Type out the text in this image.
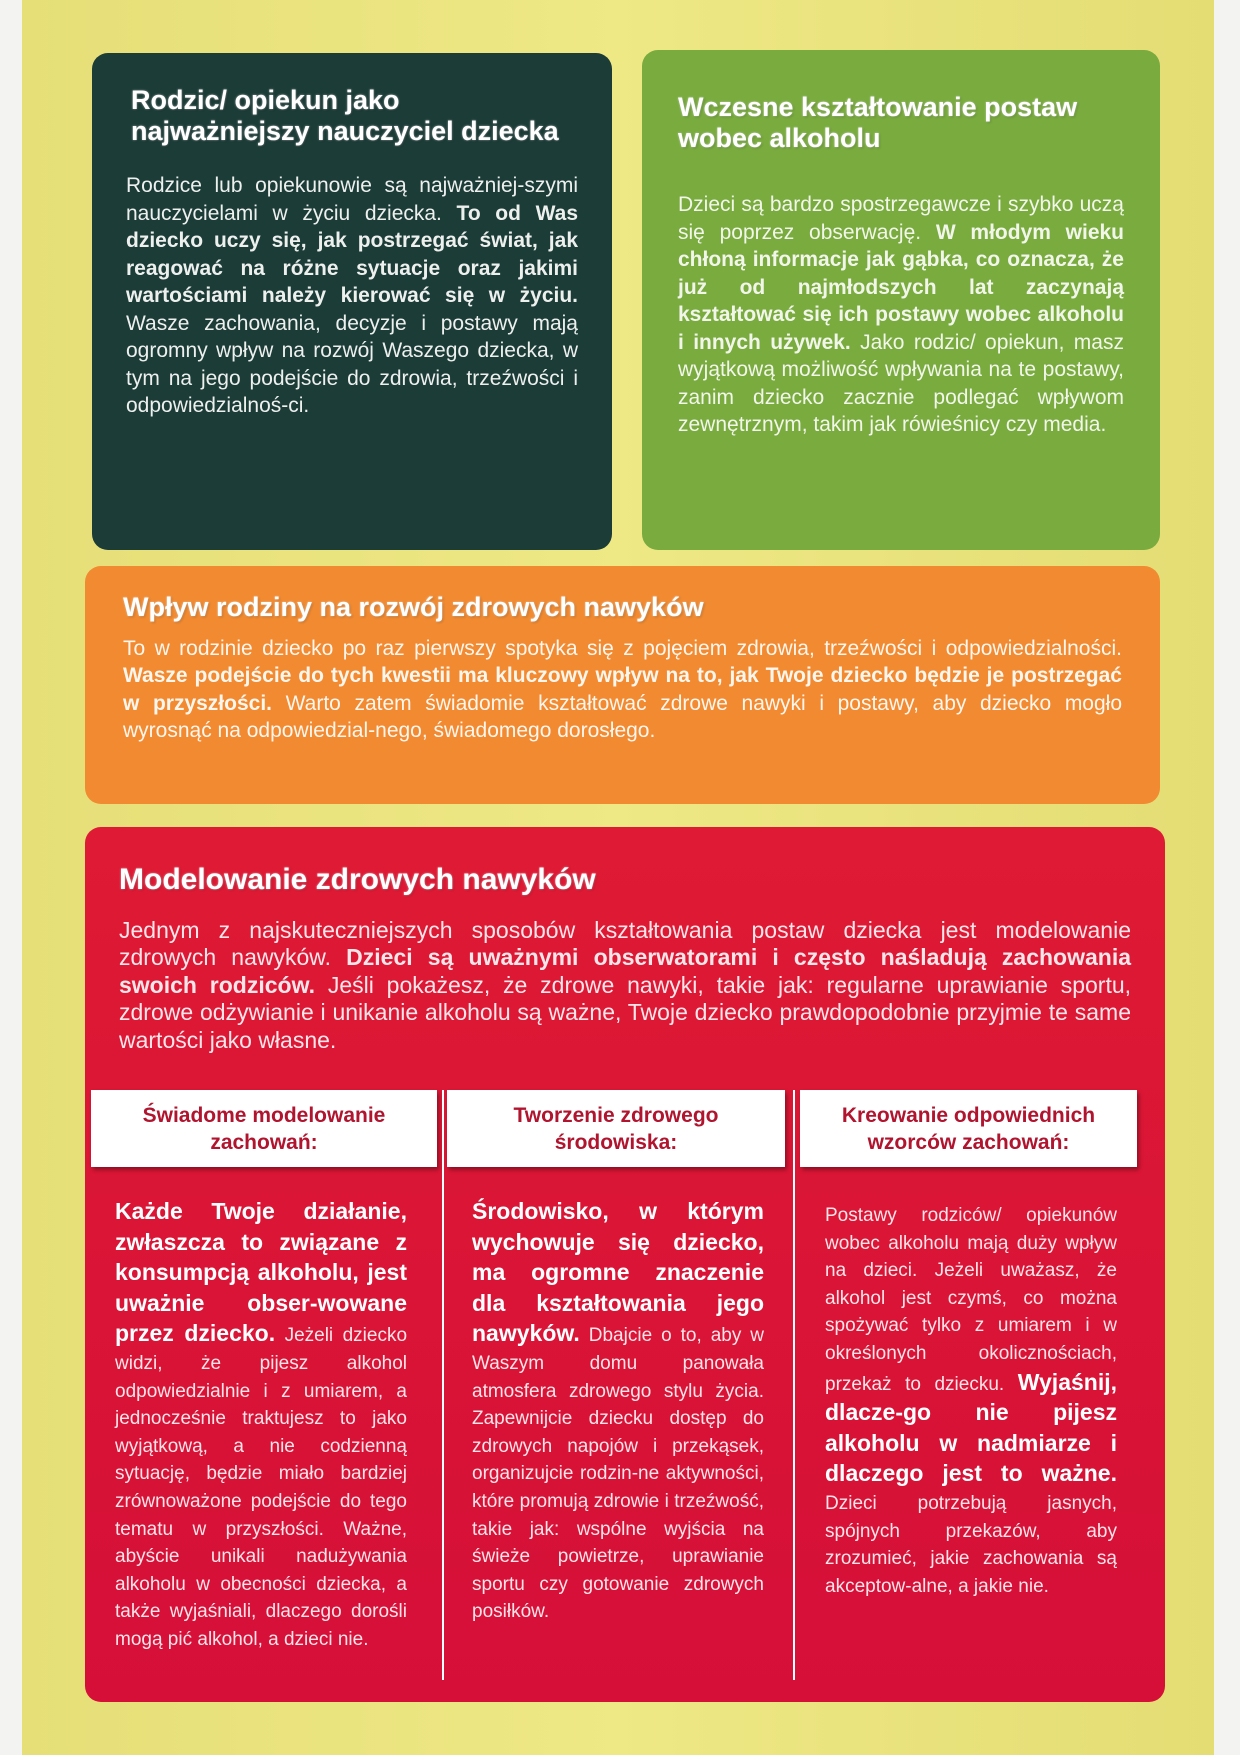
Rodzic/ opiekun jako najważniejszy nauczyciel dziecka

Rodzice lub opiekunowie są najważniej-szymi nauczycielami w życiu dziecka. To od Was dziecko uczy się, jak postrzegać świat, jak reagować na różne sytuacje oraz jakimi wartościami należy kierować się w życiu. Wasze zachowania, decyzje i postawy mają ogromny wpływ na rozwój Waszego dziecka, w tym na jego podejście do zdrowia, trzeźwości i odpowiedzialnoś-ci.

Wczesne kształtowanie postaw wobec alkoholu

Dzieci są bardzo spostrzegawcze i szybko uczą się poprzez obserwację. W młodym wieku chłoną informacje jak gąbka, co oznacza, że już od najmłodszych lat zaczynają kształtować się ich postawy wobec alkoholu i innych używek. Jako rodzic/ opiekun, masz wyjątkową możliwość wpływania na te postawy, zanim dziecko zacznie podlegać wpływom zewnętrznym, takim jak rówieśnicy czy media.

Wpływ rodziny na rozwój zdrowych nawyków

To w rodzinie dziecko po raz pierwszy spotyka się z pojęciem zdrowia, trzeźwości i odpowiedzialności. Wasze podejście do tych kwestii ma kluczowy wpływ na to, jak Twoje dziecko będzie je postrzegać w przyszłości. Warto zatem świadomie kształtować zdrowe nawyki i postawy, aby dziecko mogło wyrosnąć na odpowiedzial-nego, świadomego dorosłego.

Modelowanie zdrowych nawyków

Jednym z najskuteczniejszych sposobów kształtowania postaw dziecka jest modelowanie zdrowych nawyków. Dzieci są uważnymi obserwatorami i często naśladują zachowania swoich rodziców. Jeśli pokażesz, że zdrowe nawyki, takie jak: regularne uprawianie sportu, zdrowe odżywianie i unikanie alkoholu są ważne, Twoje dziecko prawdopodobnie przyjmie te same wartości jako własne.

Świadome modelowanie zachowań:
Tworzenie zdrowego środowiska:
Kreowanie odpowiednich wzorców zachowań:

Każde Twoje działanie, zwłaszcza to związane z konsumpcją alkoholu, jest uważnie obser-wowane przez dziecko. Jeżeli dziecko widzi, że pijesz alkohol odpowiedzialnie i z umiarem, a jednocześnie traktujesz to jako wyjątkową, a nie codzienną sytuację, będzie miało bardziej zrównoważone podejście do tego tematu w przyszłości. Ważne, abyście unikali nadużywania alkoholu w obecności dziecka, a także wyjaśniali, dlaczego dorośli mogą pić alkohol, a dzieci nie.

Środowisko, w którym wychowuje się dziecko, ma ogromne znaczenie dla kształtowania jego nawyków. Dbajcie o to, aby w Waszym domu panowała atmosfera zdrowego stylu życia. Zapewnijcie dziecku dostęp do zdrowych napojów i przekąsek, organizujcie rodzin-ne aktywności, które promują zdrowie i trzeźwość, takie jak: wspólne wyjścia na świeże powietrze, uprawianie sportu czy gotowanie zdrowych posiłków.

Postawy rodziców/ opiekunów wobec alkoholu mają duży wpływ na dzieci. Jeżeli uważasz, że alkohol jest czymś, co można spożywać tylko z umiarem i w określonych okolicznościach, przekaż to dziecku. Wyjaśnij, dlacze-go nie pijesz alkoholu w nadmiarze i dlaczego jest to ważne. Dzieci potrzebują jasnych, spójnych przekazów, aby zrozumieć, jakie zachowania są akceptow-alne, a jakie nie.
